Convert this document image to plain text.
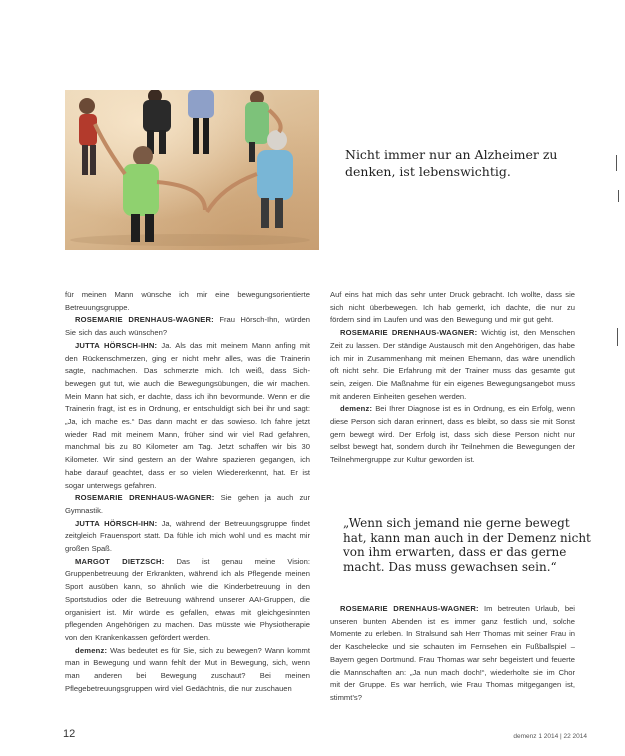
Nicht immer nur an Alzheimer zu denken, ist lebenswichtig.

für meinen Mann wünsche ich mir eine bewegungsorientierte Betreuungsgruppe.

ROSEMARIE DRENHAUS-WAGNER: Frau Hörsch-Ihn, würden Sie sich das auch wünschen?

JUTTA HÖRSCH-IHN: Ja. Als das mit meinem Mann anfing mit den Rückenschmerzen, ging er nicht mehr alles, was die Trainerin sagte, nachmachen. Das schmerzte mich. Ich weiß, dass Sich-bewegen gut tut, wie auch die Bewegungsübungen, die wir machen. Mein Mann hat sich, er dachte, dass ich ihn bevormunde. Wenn er die Trainerin fragt, ist es in Ordnung, er entschuldigt sich bei ihr und sagt: „Ja, ich mache es.“ Das dann macht er das sowieso. Ich fahre jetzt wieder Rad mit meinem Mann, früher sind wir viel Rad gefahren, manchmal bis zu 80 Kilometer am Tag. Jetzt schaffen wir bis 30 Kilometer. Wir sind gestern an der Wahre spazieren gegangen, ich habe darauf geachtet, dass er so vielen Wiedererkennt, hat. Er ist sogar unterwegs gefahren.

ROSEMARIE DRENHAUS-WAGNER: Sie gehen ja auch zur Gymnastik.

JUTTA HÖRSCH-IHN: Ja, während der Betreuungsgruppe findet zeitgleich Frauensport statt. Da fühle ich mich wohl und es macht mir großen Spaß.

MARGOT DIETZSCH: Das ist genau meine Vision: Gruppenbetreuung der Erkrankten, während ich als Pflegende meinen Sport ausüben kann, so ähnlich wie die Kinderbetreuung in den Sportstudios oder die Betreuung während unserer AAI-Gruppen, die organisiert ist. Mir würde es gefallen, etwas mit gleichgesinnten pflegenden Angehörigen zu machen. Das müsste wie Physiotherapie von den Krankenkassen gefördert werden.

demenz: Was bedeutet es für Sie, sich zu bewegen? Wann kommt man in Bewegung und wann fehlt der Mut in Bewegung, sich, wenn man anderen bei Bewegung zuschaut? Bei meinen Pflegebetreuungsgruppen wird viel Gedächtnis, die nur zuschauen

Auf eins hat mich das sehr unter Druck gebracht. Ich wollte, dass sie sich nicht überbewegen. Ich hab gemerkt, ich dachte, die nur zu fördern sind im Laufen und was den Bewegung und mir gut geht.

ROSEMARIE DRENHAUS-WAGNER: Wichtig ist, den Menschen Zeit zu lassen. Der ständige Austausch mit den Angehörigen, das habe ich mir in Zusammenhang mit meinen Ehemann, das wäre unendlich oft nicht sehr. Die Erfahrung mit der Trainer muss das gesamte gut sein, zeigen. Die Maßnahme für ein eigenes Bewegungsangebot muss mit anderen Einheiten gesehen werden.

demenz: Bei Ihrer Diagnose ist es in Ordnung, es ein Erfolg, wenn diese Person sich daran erinnert, dass es bleibt, so dass sie mit Sonst gern bewegt wird. Der Erfolg ist, dass sich diese Person nicht nur selbst bewegt hat, sondern durch ihr Teilnehmen die Bewegungen der Teilnehmergruppe zur Kultur geworden ist.

„Wenn sich jemand nie gerne bewegt hat, kann man auch in der Demenz nicht von ihm erwarten, dass er das gerne macht. Das muss gewachsen sein.“

ROSEMARIE DRENHAUS-WAGNER: Im betreuten Urlaub, bei unseren bunten Abenden ist es immer ganz festlich und, solche Momente zu erleben. In Stralsund sah Herr Thomas mit seiner Frau in der Kaschelecke und sie schauten im Fernsehen ein Fußballspiel – Bayern gegen Dortmund. Frau Thomas war sehr begeistert und feuerte die Mannschaften an: „Ja nun mach doch!“, wiederholte sie im Chor mit der Gruppe. Es war herrlich, wie Frau Thomas mitgegangen ist, stimmt’s?

12	demenz 1 2014 | 22 2014
